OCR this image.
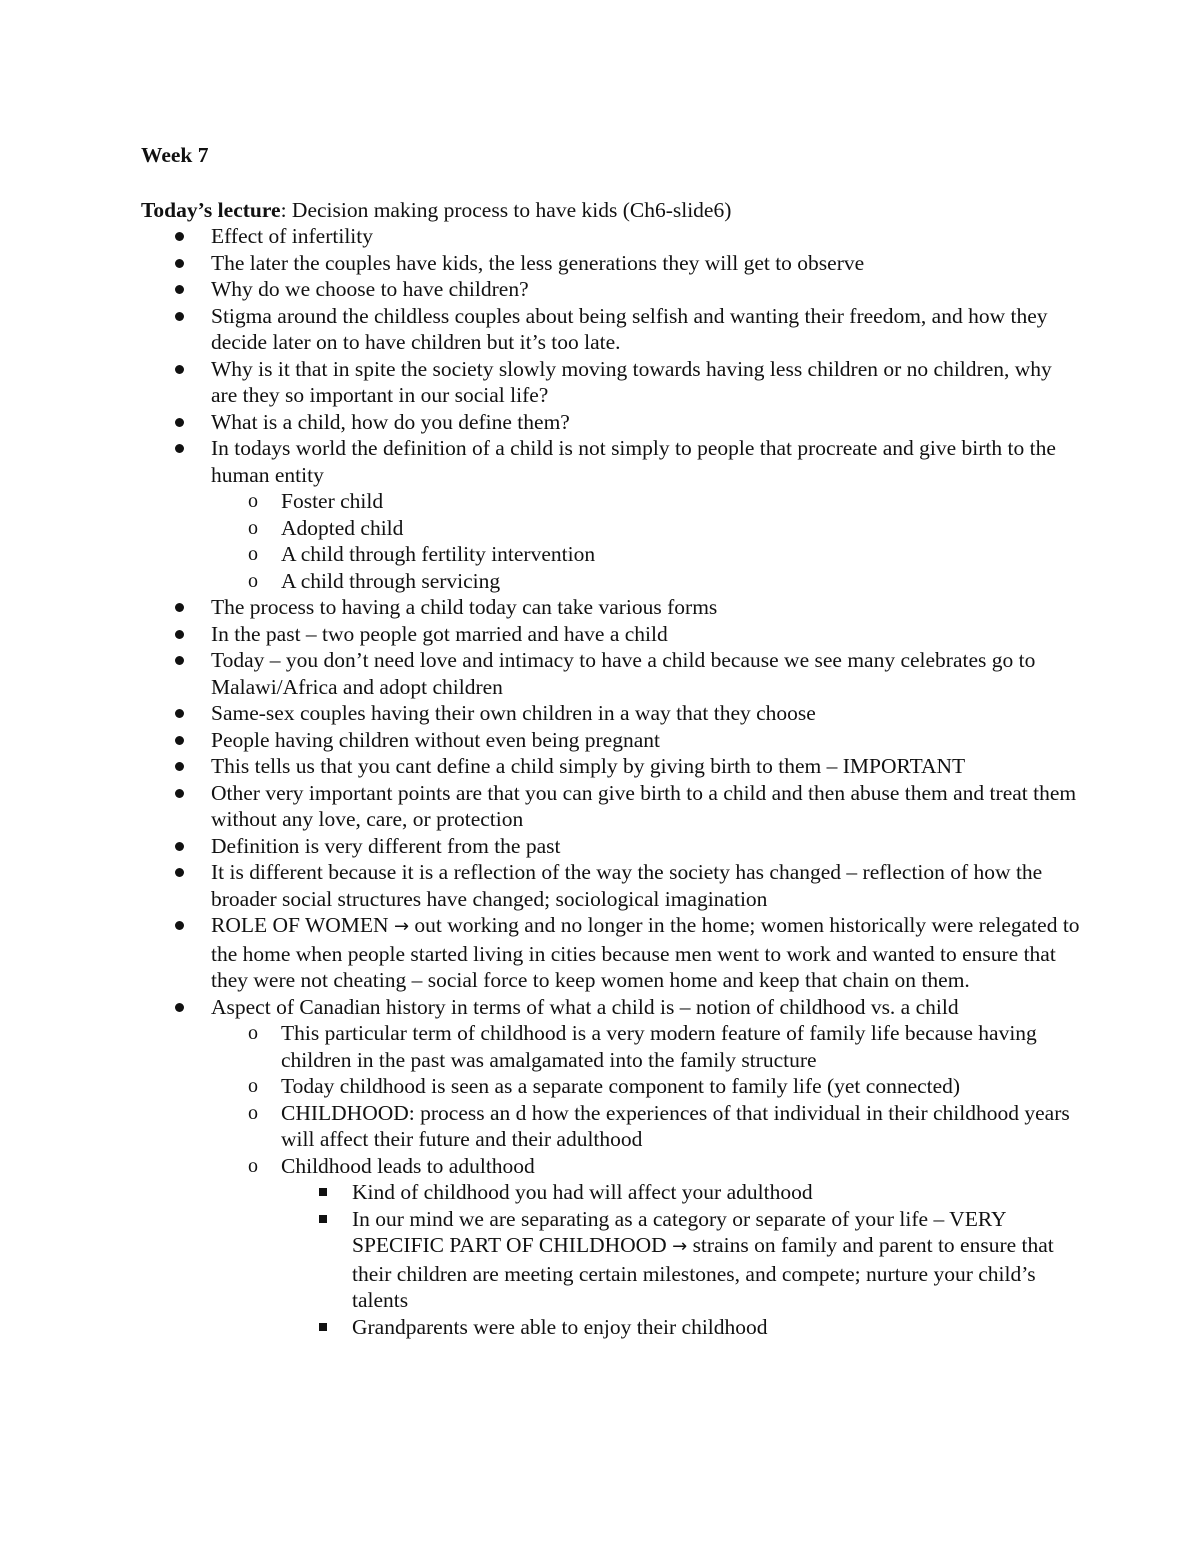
Week 7

Today’s lecture: Decision making process to have kids (Ch6-slide6)

Effect of infertility
The later the couples have kids, the less generations they will get to observe
Why do we choose to have children?
Stigma around the childless couples about being selfish and wanting their freedom, and how they decide later on to have children but it’s too late.
Why is it that in spite the society slowly moving towards having less children or no children, why are they so important in our social life?
What is a child, how do you define them?
In todays world the definition of a child is not simply to people that procreate and give birth to the human entity
o Foster child
o Adopted child
o A child through fertility intervention
o A child through servicing
The process to having a child today can take various forms
In the past – two people got married and have a child
Today – you don’t need love and intimacy to have a child because we see many celebrates go to Malawi/Africa and adopt children
Same-sex couples having their own children in a way that they choose
People having children without even being pregnant
This tells us that you cant define a child simply by giving birth to them – IMPORTANT
Other very important points are that you can give birth to a child and then abuse them and treat them without any love, care, or protection
Definition is very different from the past
It is different because it is a reflection of the way the society has changed – reflection of how the broader social structures have changed; sociological imagination
ROLE OF WOMEN → out working and no longer in the home; women historically were relegated to the home when people started living in cities because men went to work and wanted to ensure that they were not cheating – social force to keep women home and keep that chain on them.
Aspect of Canadian history in terms of what a child is – notion of childhood vs. a child
o This particular term of childhood is a very modern feature of family life because having children in the past was amalgamated into the family structure
o Today childhood is seen as a separate component to family life (yet connected)
o CHILDHOOD: process an d how the experiences of that individual in their childhood years will affect their future and their adulthood
o Childhood leads to adulthood
Kind of childhood you had will affect your adulthood
In our mind we are separating as a category or separate of your life – VERY SPECIFIC PART OF CHILDHOOD → strains on family and parent to ensure that their children are meeting certain milestones, and compete; nurture your child’s talents
Grandparents were able to enjoy their childhood
